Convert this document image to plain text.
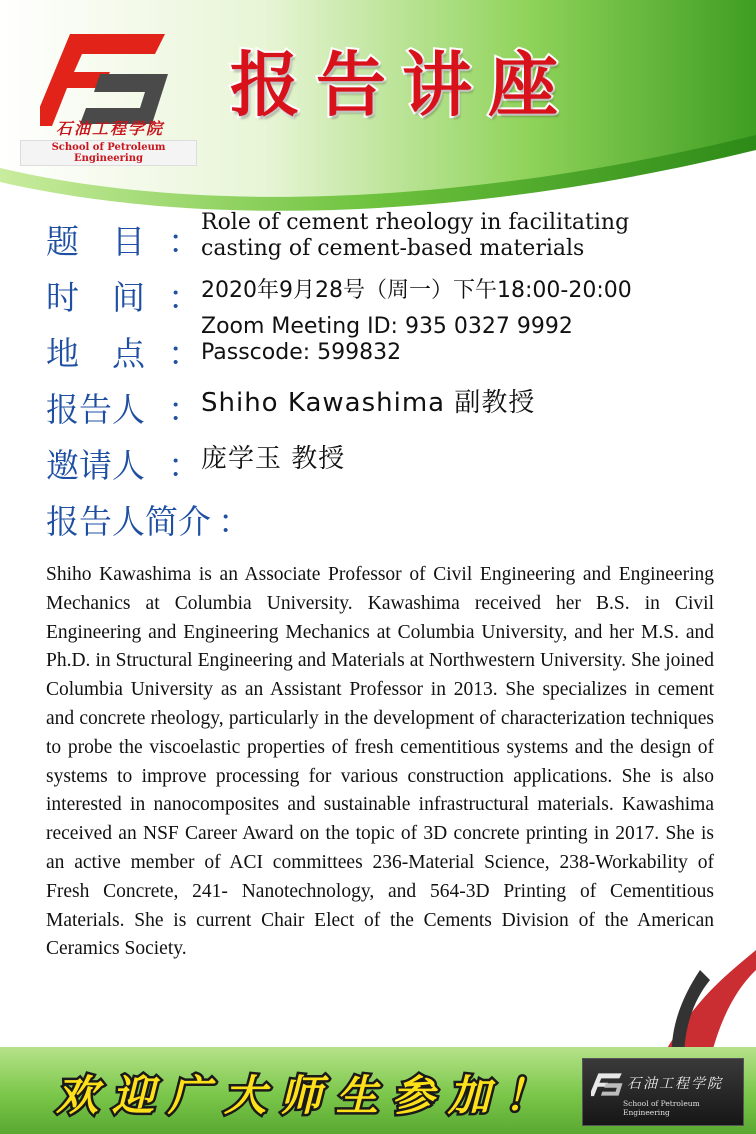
石油工程学院
School of Petroleum Engineering
报告讲座
题　目 ： Role of cement rheology in facilitating
casting of cement-based materials
时　间 ： 2020年9月28号（周一）下午18:00-20:00
地　点 ：
Zoom Meeting ID: 935 0327 9992
Passcode: 599832
报告人 ： Shiho Kawashima 副教授
邀请人 ： 庞学玉 教授
报告人简介 ：

Shiho Kawashima is an Associate Professor of Civil Engineering and Engineering Mechanics at Columbia University. Kawashima received her B.S. in Civil Engineering and Engineering Mechanics at Columbia University, and her M.S. and Ph.D. in Structural Engineering and Materials at Northwestern University. She joined Columbia University as an Assistant Professor in 2013. She specializes in cement and concrete rheology, particularly in the development of characterization techniques to probe the viscoelastic properties of fresh cementitious systems and the design of systems to improve processing for various construction applications. She is also interested in nanocomposites and sustainable infrastructural materials. Kawashima received an NSF Career Award on the topic of 3D concrete printing in 2017. She is an active member of ACI committees 236-Material Science, 238-Workability of Fresh Concrete, 241- Nanotechnology, and 564-3D Printing of Cementitious Materials. She is current Chair Elect of the Cements Division of the American Ceramics Society.

欢迎广大师生参加！	石油工程学院
School of Petroleum Engineering
